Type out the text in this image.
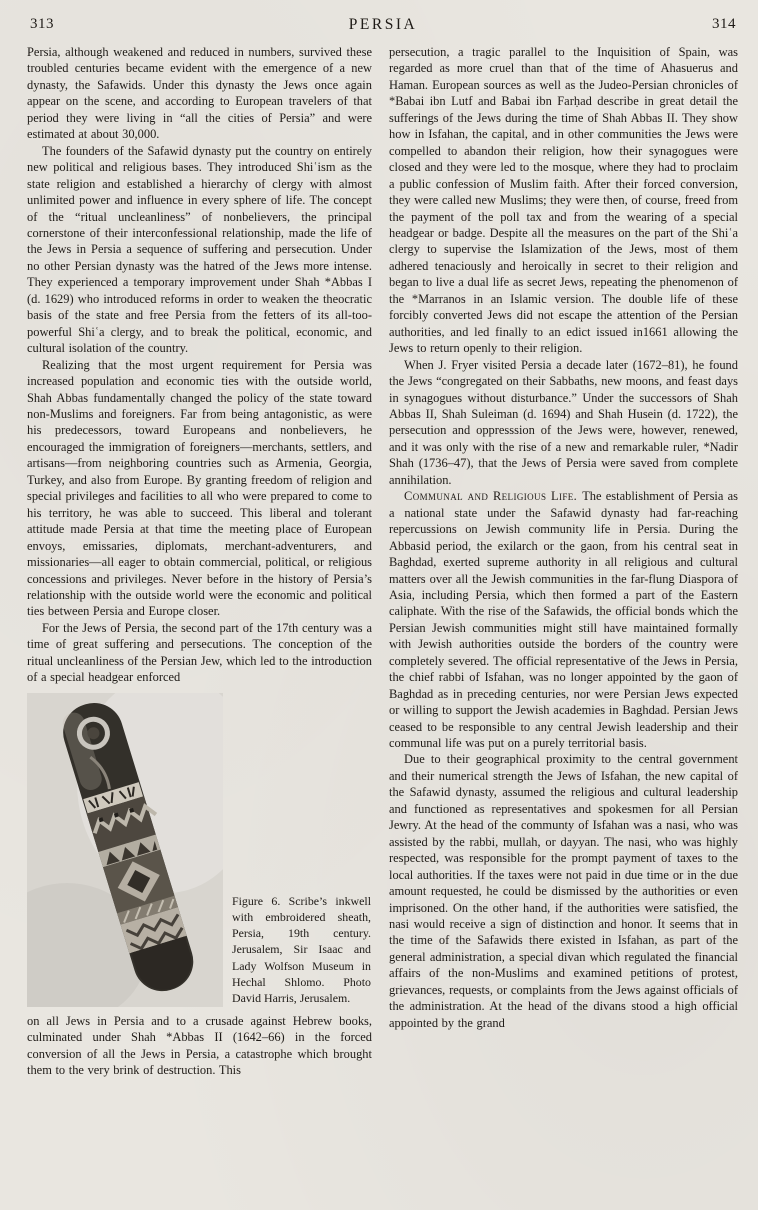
313	PERSIA	314

Persia, although weakened and reduced in numbers, survived these troubled centuries became evident with the emergence of a new dynasty, the Safawids. Under this dynasty the Jews once again appear on the scene, and according to European travelers of that period they were living in “all the cities of Persia” and were estimated at about 30,000.

The founders of the Safawid dynasty put the country on entirely new political and religious bases. They introduced Shiʿism as the state religion and established a hierarchy of clergy with almost unlimited power and influence in every sphere of life. The concept of the “ritual uncleanliness” of nonbelievers, the principal cornerstone of their interconfessional relationship, made the life of the Jews in Persia a sequence of suffering and persecution. Under no other Persian dynasty was the hatred of the Jews more intense. They experienced a temporary improvement under Shah *Abbas I (d. 1629) who introduced reforms in order to weaken the theocratic basis of the state and free Persia from the fetters of its all-too-powerful Shiʿa clergy, and to break the political, economic, and cultural isolation of the country.

Realizing that the most urgent requirement for Persia was increased population and economic ties with the outside world, Shah Abbas fundamentally changed the policy of the state toward non-Muslims and foreigners. Far from being antagonistic, as were his predecessors, toward Europeans and nonbelievers, he encouraged the immigration of foreigners—merchants, settlers, and artisans—from neighboring countries such as Armenia, Georgia, Turkey, and also from Europe. By granting freedom of religion and special privileges and facilities to all who were prepared to come to his territory, he was able to succeed. This liberal and tolerant attitude made Persia at that time the meeting place of European envoys, emissaries, diplomats, merchant-adventurers, and missionaries—all eager to obtain commercial, political, or religious concessions and privileges. Never before in the history of Persia’s relationship with the outside world were the economic and political ties between Persia and Europe closer.

For the Jews of Persia, the second part of the 17th century was a time of great suffering and persecutions. The conception of the ritual uncleanliness of the Persian Jew, which led to the introduction of a special headgear enforced

Figure 6. Scribe’s inkwell with embroidered sheath, Persia, 19th century. Jerusalem, Sir Isaac and Lady Wolfson Museum in Hechal Shlomo. Photo David Harris, Jerusalem.

on all Jews in Persia and to a crusade against Hebrew books, culminated under Shah *Abbas II (1642–66) in the forced conversion of all the Jews in Persia, a catastrophe which brought them to the very brink of destruction. This

persecution, a tragic parallel to the Inquisition of Spain, was regarded as more cruel than that of the time of Ahasuerus and Haman. European sources as well as the Judeo-Persian chronicles of *Babai ibn Lutf and Babai ibn Farḥad describe in great detail the sufferings of the Jews during the time of Shah Abbas II. They show how in Isfahan, the capital, and in other communities the Jews were compelled to abandon their religion, how their synagogues were closed and they were led to the mosque, where they had to proclaim a public confession of Muslim faith. After their forced conversion, they were called new Muslims; they were then, of course, freed from the payment of the poll tax and from the wearing of a special headgear or badge. Despite all the measures on the part of the Shiʿa clergy to supervise the Islamization of the Jews, most of them adhered tenaciously and heroically in secret to their religion and began to live a dual life as secret Jews, repeating the phenomenon of the *Marranos in an Islamic version. The double life of these forcibly converted Jews did not escape the attention of the Persian authorities, and led finally to an edict issued in1661 allowing the Jews to return openly to their religion.

When J. Fryer visited Persia a decade later (1672–81), he found the Jews “congregated on their Sabbaths, new moons, and feast days in synagogues without disturbance.” Under the successors of Shah Abbas II, Shah Suleiman (d. 1694) and Shah Husein (d. 1722), the persecution and oppresssion of the Jews were, however, renewed, and it was only with the rise of a new and remarkable ruler, *Nadir Shah (1736–47), that the Jews of Persia were saved from complete annihilation.

Communal and Religious Life. The establishment of Persia as a national state under the Safawid dynasty had far-reaching repercussions on Jewish community life in Persia. During the Abbasid period, the exilarch or the gaon, from his central seat in Baghdad, exerted supreme authority in all religious and cultural matters over all the Jewish communities in the far-flung Diaspora of Asia, including Persia, which then formed a part of the Eastern caliphate. With the rise of the Safawids, the official bonds which the Persian Jewish communities might still have maintained formally with Jewish authorities outside the borders of the country were completely severed. The official representative of the Jews in Persia, the chief rabbi of Isfahan, was no longer appointed by the gaon of Baghdad as in preceding centuries, nor were Persian Jews expected or willing to support the Jewish academies in Baghdad. Persian Jews ceased to be responsible to any central Jewish leadership and their communal life was put on a purely territorial basis.

Due to their geographical proximity to the central government and their numerical strength the Jews of Isfahan, the new capital of the Safawid dynasty, assumed the religious and cultural leadership and functioned as representatives and spokesmen for all Persian Jewry. At the head of the communty of Isfahan was a nasi, who was assisted by the rabbi, mullah, or dayyan. The nasi, who was highly respected, was responsible for the prompt payment of taxes to the local authorities. If the taxes were not paid in due time or in the due amount requested, he could be dismissed by the authorities or even imprisoned. On the other hand, if the authorities were satisfied, the nasi would receive a sign of distinction and honor. It seems that in the time of the Safawids there existed in Isfahan, as part of the general administration, a special divan which regulated the financial affairs of the non-Muslims and examined petitions of protest, grievances, requests, or complaints from the Jews against officials of the administration. At the head of the divans stood a high official appointed by the grand
